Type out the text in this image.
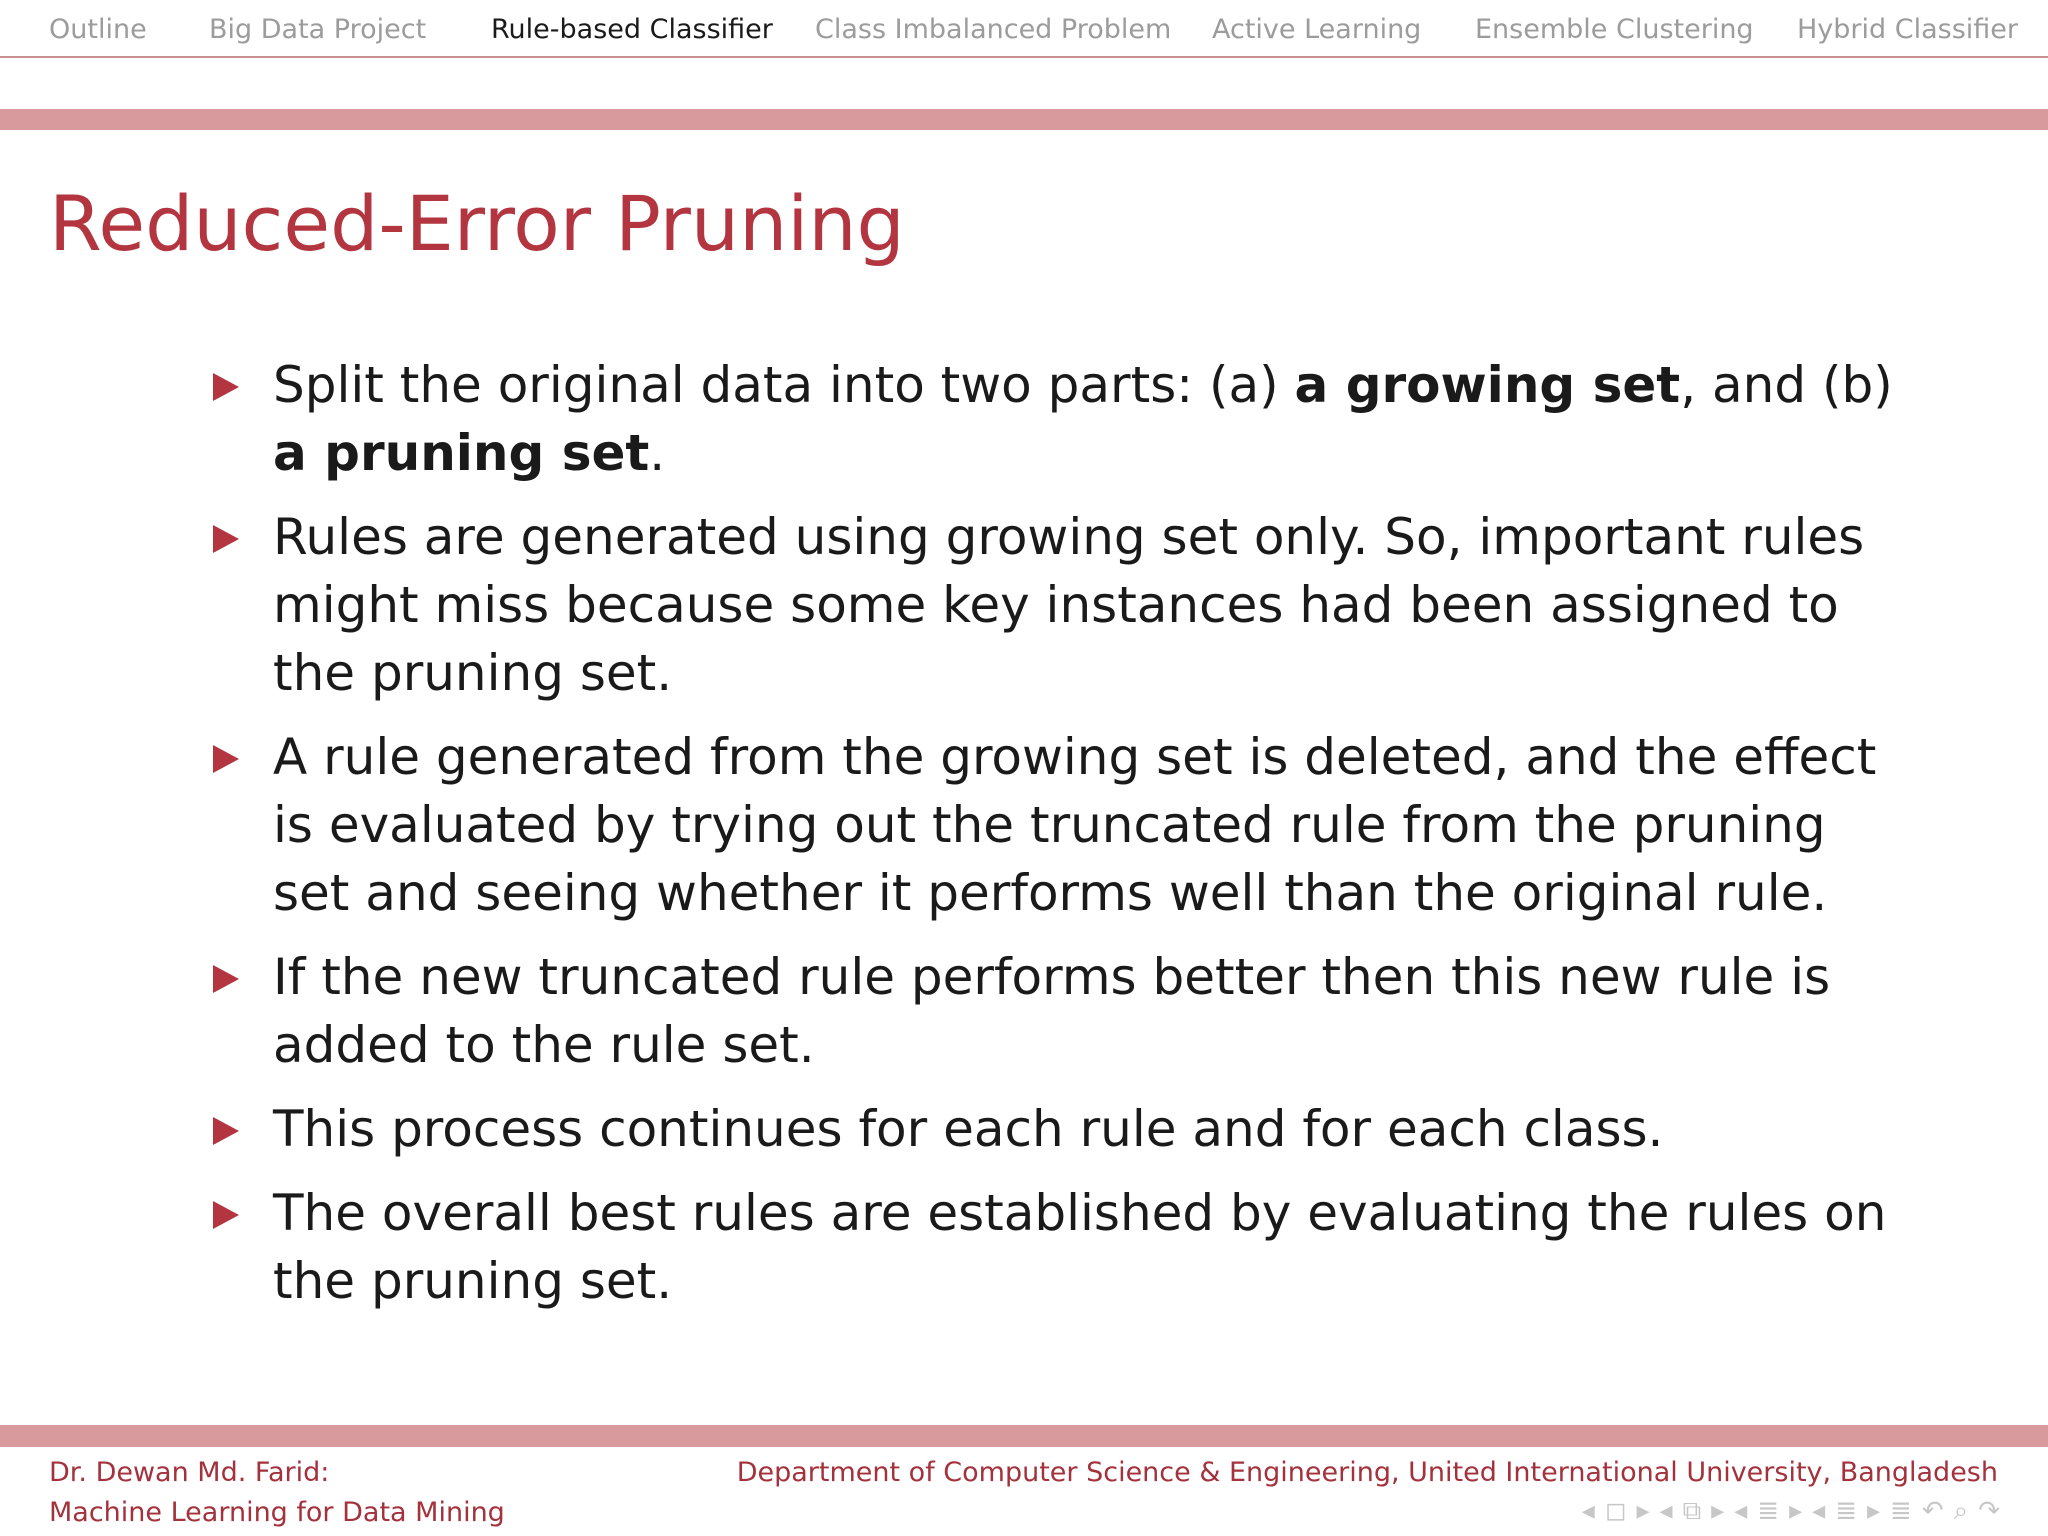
Outline Big Data Project Rule-based Classifier Class Imbalanced Problem Active Learning Ensemble Clustering Hybrid Classifier
Reduced-Error Pruning
Split the original data into two parts: (a) a growing set, and (b) a pruning set.
Rules are generated using growing set only. So, important rules might miss because some key instances had been assigned to the pruning set.
A rule generated from the growing set is deleted, and the effect is evaluated by trying out the truncated rule from the pruning set and seeing whether it performs well than the original rule.
If the new truncated rule performs better then this new rule is added to the rule set.
This process continues for each rule and for each class.
The overall best rules are established by evaluating the rules on the pruning set.
Dr. Dewan Md. Farid:
Machine Learning for Data Mining
Department of Computer Science & Engineering, United International University, Bangladesh
◂ ◻ ▸ ◂ ⧉ ▸ ◂ ≣ ▸ ◂ ≣ ▸ ≣ ↶ ⌕ ↷
